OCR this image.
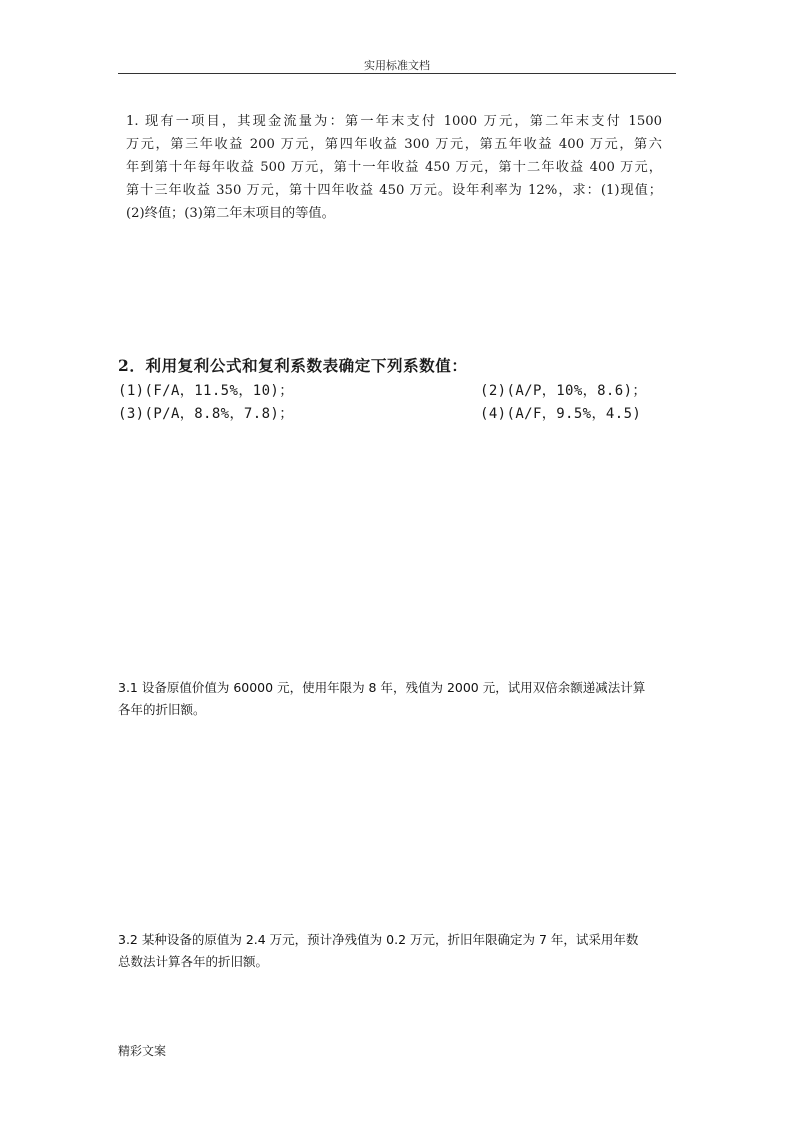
实用标准文档

1. 现有一项目，其现金流量为：第一年末支付 1000 万元，第二年末支付 1500

万元，第三年收益 200 万元，第四年收益 300 万元，第五年收益 400 万元，第六

年到第十年每年收益 500 万元，第十一年收益 450 万元，第十二年收益 400 万元，

第十三年收益 350 万元，第十四年收益 450 万元。设年利率为 12%，求：(1)现值；

(2)终值；(3)第二年末项目的等值。

2．利用复利公式和复利系数表确定下列系数值：
(1)(F/A，11.5%，10)；	(2)(A/P，10%，8.6)；
(3)(P/A，8.8%，7.8)；	(4)(A/F，9.5%，4.5)

3.1 设备原值价值为 60000 元，使用年限为 8 年，残值为 2000 元，试用双倍余额递减法计算

各年的折旧额。

3.2 某种设备的原值为 2.4 万元，预计净残值为 0.2 万元，折旧年限确定为 7 年，试采用年数

总数法计算各年的折旧额。

精彩文案
